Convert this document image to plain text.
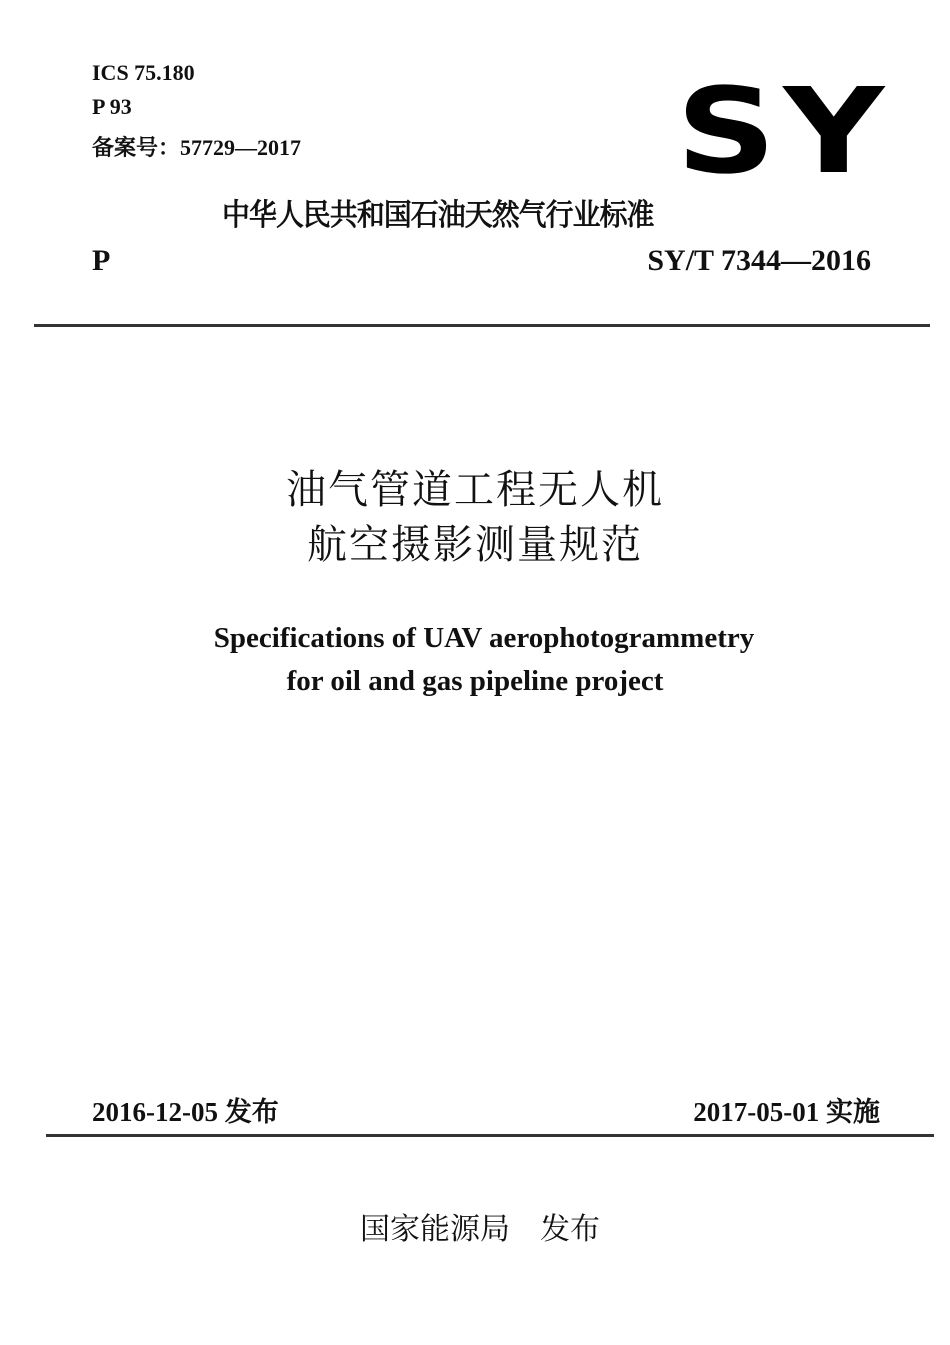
ICS 75.180
P 93
备案号：57729—2017	SY
中华人民共和国石油天然气行业标准
P	SY/T 7344—2016
油气管道工程无人机
航空摄影测量规范
Specifications of UAV aerophotogrammetry
for oil and gas pipeline project
2016-12-05 发布	2017-05-01 实施
国家能源局　发布
